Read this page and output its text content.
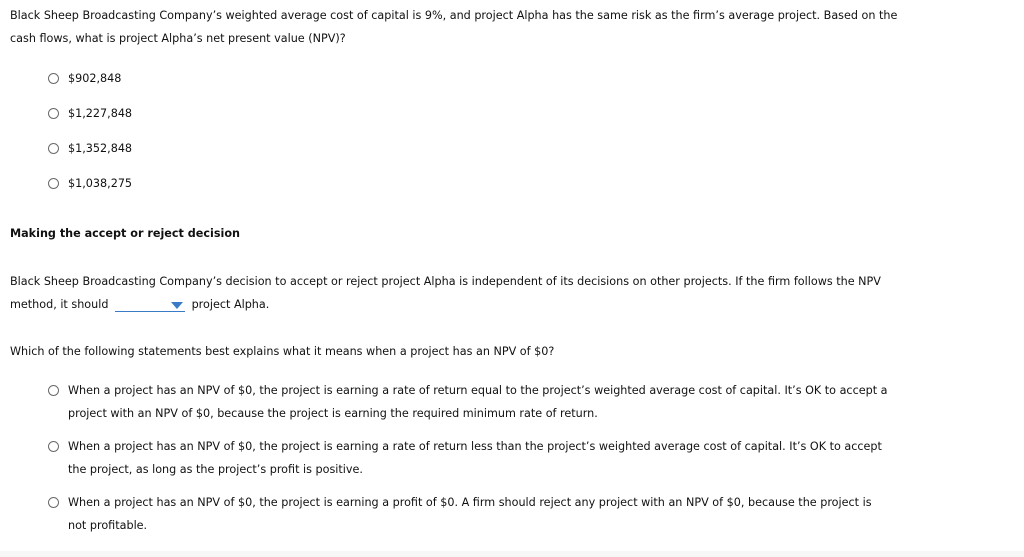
Black Sheep Broadcasting Company’s weighted average cost of capital is 9%, and project Alpha has the same risk as the firm’s average project. Based on the cash flows, what is project Alpha’s net present value (NPV)?

$902,848
$1,227,848
$1,352,848
$1,038,275

Making the accept or reject decision

Black Sheep Broadcasting Company’s decision to accept or reject project Alpha is independent of its decisions on other projects. If the firm follows the NPV method, it should	project Alpha.

Which of the following statements best explains what it means when a project has an NPV of $0?

When a project has an NPV of $0, the project is earning a rate of return equal to the project’s weighted average cost of capital. It’s OK to accept a project with an NPV of $0, because the project is earning the required minimum rate of return.
When a project has an NPV of $0, the project is earning a rate of return less than the project’s weighted average cost of capital. It’s OK to accept the project, as long as the project’s profit is positive.
When a project has an NPV of $0, the project is earning a profit of $0. A firm should reject any project with an NPV of $0, because the project is not profitable.
